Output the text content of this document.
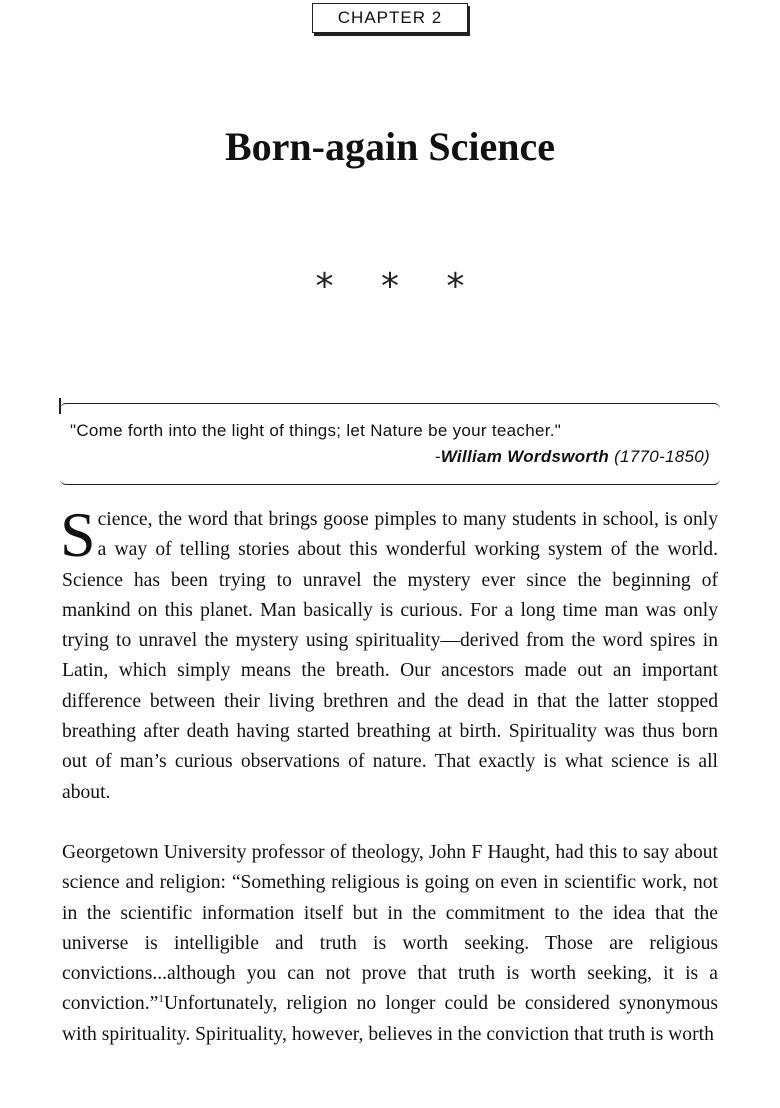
CHAPTER 2
Born-again Science
* * *
"Come forth into the light of things; let Nature be your teacher."
-William Wordsworth (1770-1850)

Science, the word that brings goose pimples to many students in school, is only a way of telling stories about this wonderful working system of the world. Science has been trying to unravel the mystery ever since the beginning of mankind on this planet. Man basically is curious. For a long time man was only trying to unravel the mystery using spirituality—derived from the word spires in Latin, which simply means the breath. Our ancestors made out an important difference between their living brethren and the dead in that the latter stopped breathing after death having started breathing at birth. Spirituality was thus born out of man’s curious observations of nature. That exactly is what science is all about.

Georgetown University professor of theology, John F Haught, had this to say about science and religion: “Something religious is going on even in scientific work, not in the scientific information itself but in the commitment to the idea that the universe is intelligible and truth is worth seeking. Those are religious convictions...although you can not prove that truth is worth seeking, it is a conviction.”$^1$Unfortunately, religion no longer could be considered synonymous with spirituality. Spirituality, however, believes in the conviction that truth is worth
